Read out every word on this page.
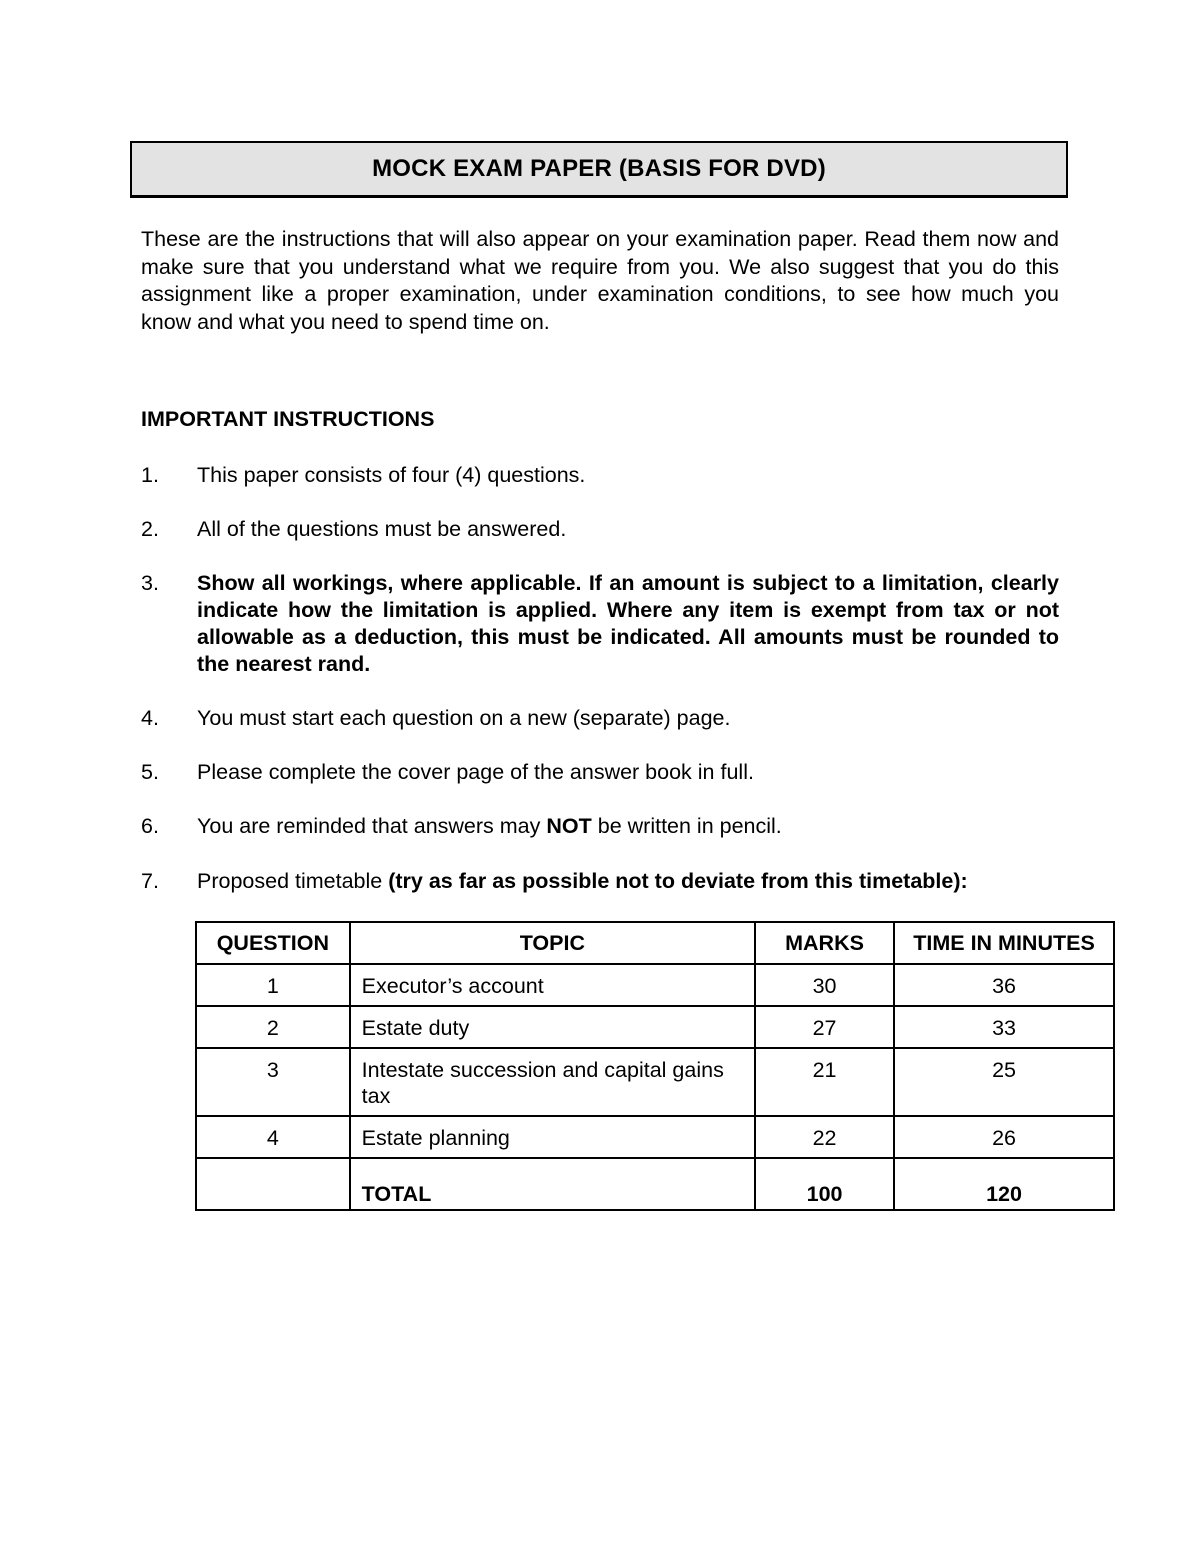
MOCK EXAM PAPER (BASIS FOR DVD)

These are the instructions that will also appear on your examination paper. Read them now and make sure that you understand what we require from you. We also suggest that you do this assignment like a proper examination, under examination conditions, to see how much you know and what you need to spend time on.

IMPORTANT INSTRUCTIONS

1. This paper consists of four (4) questions.
2. All of the questions must be answered.
3. Show all workings, where applicable. If an amount is subject to a limitation, clearly indicate how the limitation is applied. Where any item is exempt from tax or not allowable as a deduction, this must be indicated. All amounts must be rounded to the nearest rand.
4. You must start each question on a new (separate) page.
5. Please complete the cover page of the answer book in full.
6. You are reminded that answers may NOT be written in pencil.
7. Proposed timetable (try as far as possible not to deviate from this timetable):
QUESTION	TOPIC	MARKS	TIME IN MINUTES
1	Executor’s account	30	36
2	Estate duty	27	33
3	Intestate succession and capital gains tax	21	25
4	Estate planning	22	26
	TOTAL	100	120
